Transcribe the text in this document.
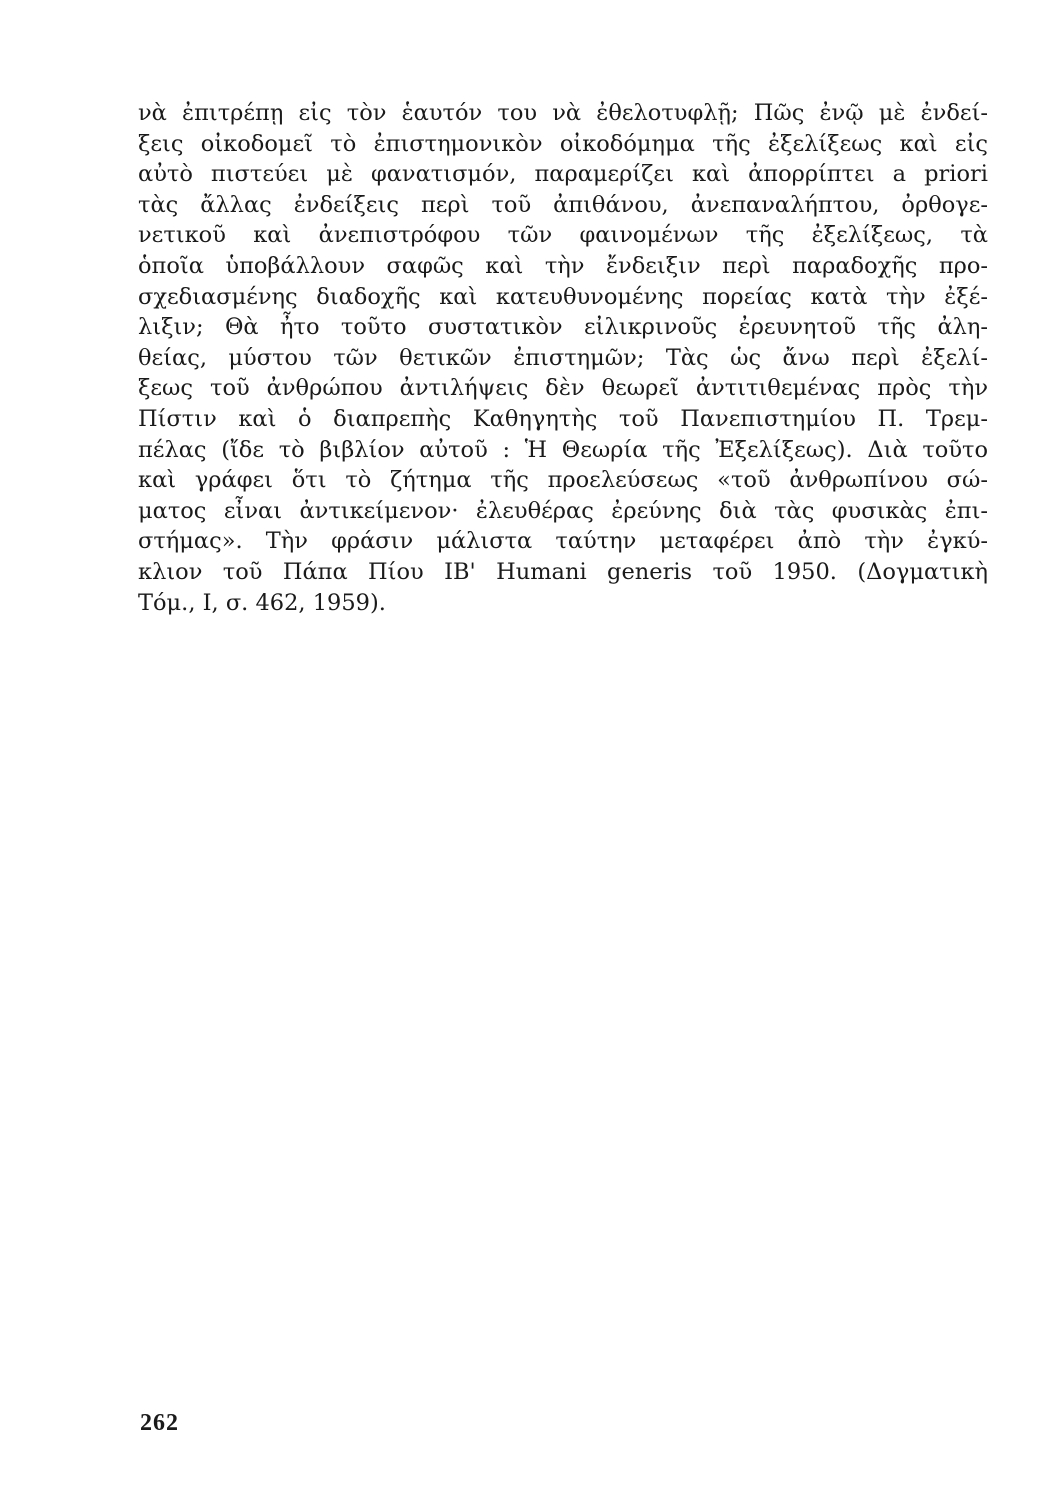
νὰ ἐπιτρέπῃ εἰς τὸν ἑαυτόν του νὰ ἐθελοτυφλῇ; Πῶς ἐνῷ μὲ ἐνδεί-
ξεις οἰκοδομεῖ τὸ ἐπιστημονικὸν οἰκοδόμημα τῆς ἐξελίξεως καὶ εἰς
αὐτὸ πιστεύει μὲ φανατισμόν, παραμερίζει καὶ ἀπορρίπτει a priori
τὰς ἄλλας ἐνδείξεις περὶ τοῦ ἀπιθάνου, ἀνεπαναλήπτου, ὀρθογε-
νετικοῦ καὶ ἀνεπιστρόφου τῶν φαινομένων τῆς ἐξελίξεως, τὰ
ὁποῖα ὑποβάλλουν σαφῶς καὶ τὴν ἔνδειξιν περὶ παραδοχῆς προ-
σχεδιασμένης διαδοχῆς καὶ κατευθυνομένης πορείας κατὰ τὴν ἐξέ-
λιξιν; Θὰ ἦτο τοῦτο συστατικὸν εἰλικρινοῦς ἐρευνητοῦ τῆς ἀλη-
θείας, μύστου τῶν θετικῶν ἐπιστημῶν; Τὰς ὡς ἄνω περὶ ἐξελί-
ξεως τοῦ ἀνθρώπου ἀντιλήψεις δὲν θεωρεῖ ἀντιτιθεμένας πρὸς τὴν
Πίστιν καὶ ὁ διαπρεπὴς Καθηγητὴς τοῦ Πανεπιστημίου Π. Τρεμ-
πέλας (ἴδε τὸ βιβλίον αὐτοῦ : Ἡ Θεωρία τῆς Ἐξελίξεως). Διὰ τοῦτο
καὶ γράφει ὅτι τὸ ζήτημα τῆς προελεύσεως «τοῦ ἀνθρωπίνου σώ-
ματος εἶναι ἀντικείμενον· ἐλευθέρας ἐρεύνης διὰ τὰς φυσικὰς ἐπι-
στήμας». Τὴν φράσιν μάλιστα ταύτην μεταφέρει ἀπὸ τὴν ἐγκύ-
κλιον τοῦ Πάπα Πίου ΙΒ' Humani generis τοῦ 1950. (Δογματικὴ
Τόμ., Ι, σ. 462, 1959).
262
